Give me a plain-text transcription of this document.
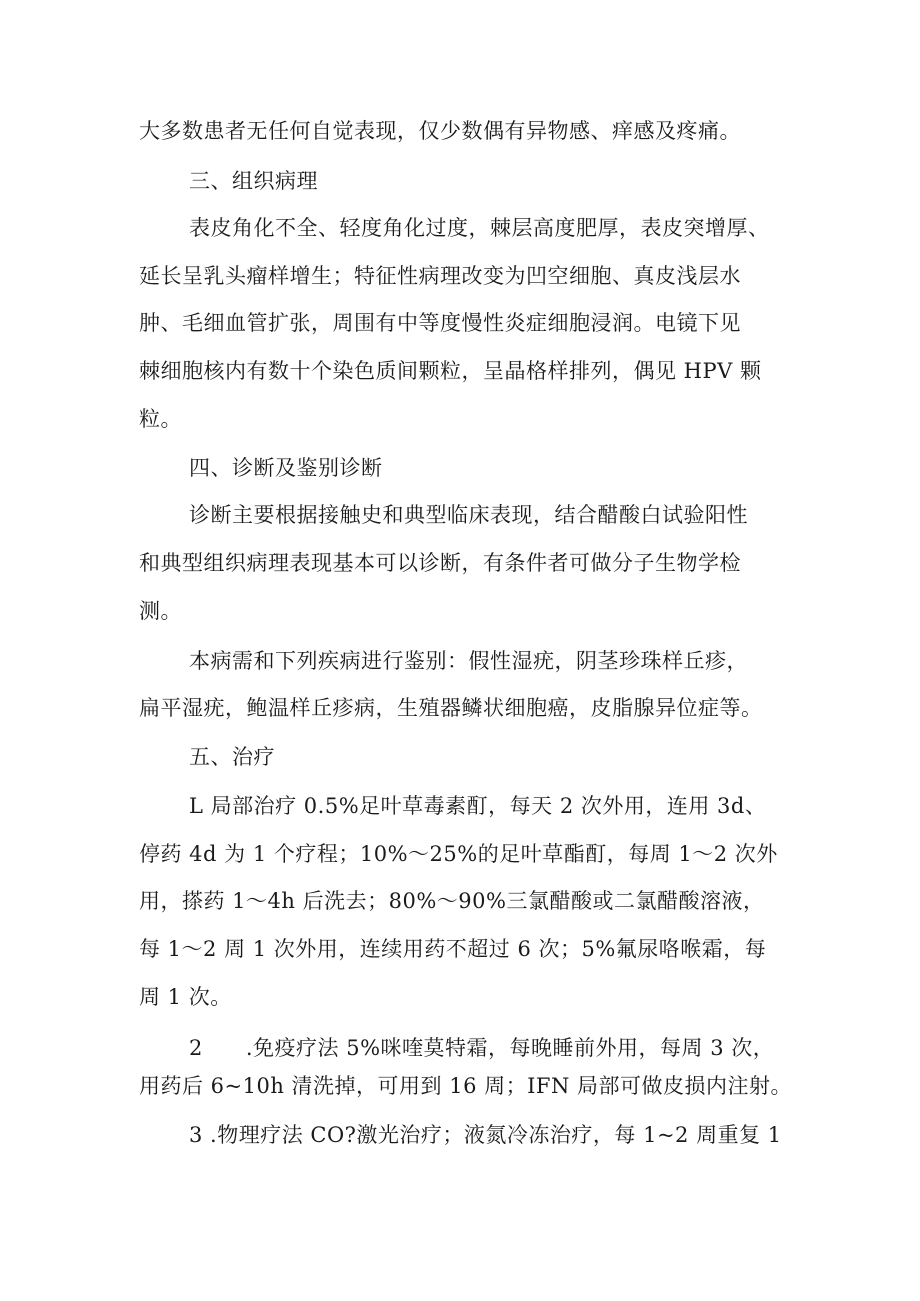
大多数患者无任何自觉表现，仅少数偶有异物感、痒感及疼痛。
三、组织病理
表皮角化不全、轻度角化过度，棘层高度肥厚，表皮突增厚、
延长呈乳头瘤样增生；特征性病理改变为凹空细胞、真皮浅层水
肿、毛细血管扩张，周围有中等度慢性炎症细胞浸润。电镜下见
棘细胞核内有数十个染色质间颗粒，呈晶格样排列，偶见 HPV 颗
粒。
四、诊断及鉴别诊断
诊断主要根据接触史和典型临床表现，结合醋酸白试验阳性
和典型组织病理表现基本可以诊断，有条件者可做分子生物学检
测。
本病需和下列疾病进行鉴别：假性湿疣，阴茎珍珠样丘疹，
扁平湿疣，鲍温样丘疹病，生殖器鳞状细胞癌，皮脂腺异位症等。
五、治疗
L 局部治疗 0.5%足叶草毒素酊，每天 2 次外用，连用 3d、
停药 4d 为 1 个疗程；10%～25%的足叶草酯酊，每周 1～2 次外
用，搽药 1～4h 后洗去；80%～90%三氯醋酸或二氯醋酸溶液，
每 1～2 周 1 次外用，连续用药不超过 6 次；5%氟尿咯喉霜，每
周 1 次。
2　　.免疫疗法 5%咪喹莫特霜，每晚睡前外用，每周 3 次，
用药后 6~10h 清洗掉，可用到 16 周；IFN 局部可做皮损内注射。
3 .物理疗法 CO?激光治疗；液氮冷冻治疗，每 1~2 周重复 1
